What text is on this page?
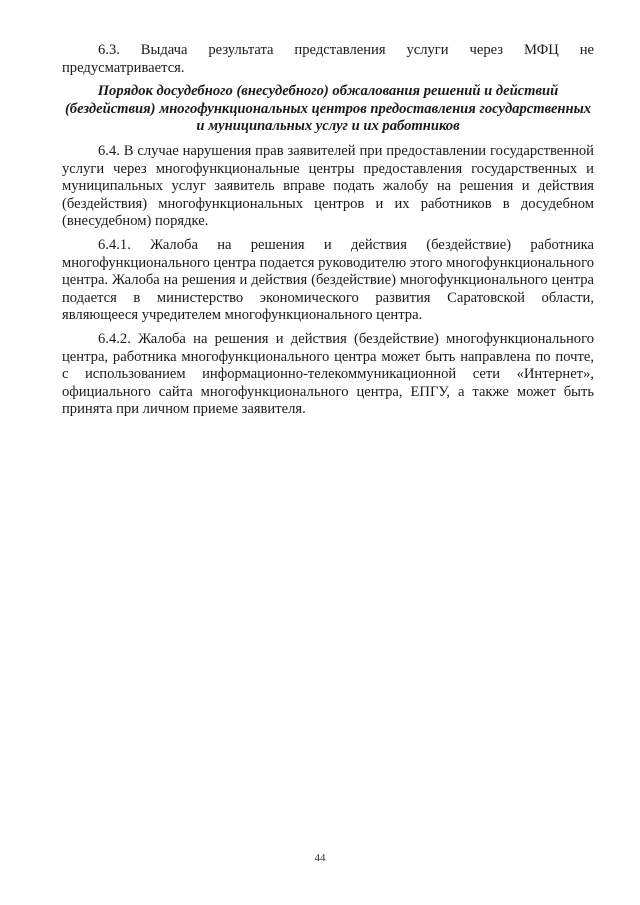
6.3. Выдача результата представления услуги через МФЦ не предусматривается.

Порядок досудебного (внесудебного) обжалования решений и действий (бездействия) многофункциональных центров предоставления государственных и муниципальных услуг и их работников

6.4. В случае нарушения прав заявителей при предоставлении государственной услуги через многофункциональные центры предоставления государственных и муниципальных услуг заявитель вправе подать жалобу на решения и действия (бездействия) многофункциональных центров и их работников в досудебном (внесудебном) порядке.

6.4.1. Жалоба на решения и действия (бездействие) работника многофункционального центра подается руководителю этого многофункционального центра. Жалоба на решения и действия (бездействие) многофункционального центра подается в министерство экономического развития Саратовской области, являющееся учредителем многофункционального центра.

6.4.2. Жалоба на решения и действия (бездействие) многофункционального центра, работника многофункционального центра может быть направлена по почте, с использованием информационно-телекоммуникационной сети «Интернет», официального сайта многофункционального центра, ЕПГУ, а также может быть принята при личном приеме заявителя.

44
